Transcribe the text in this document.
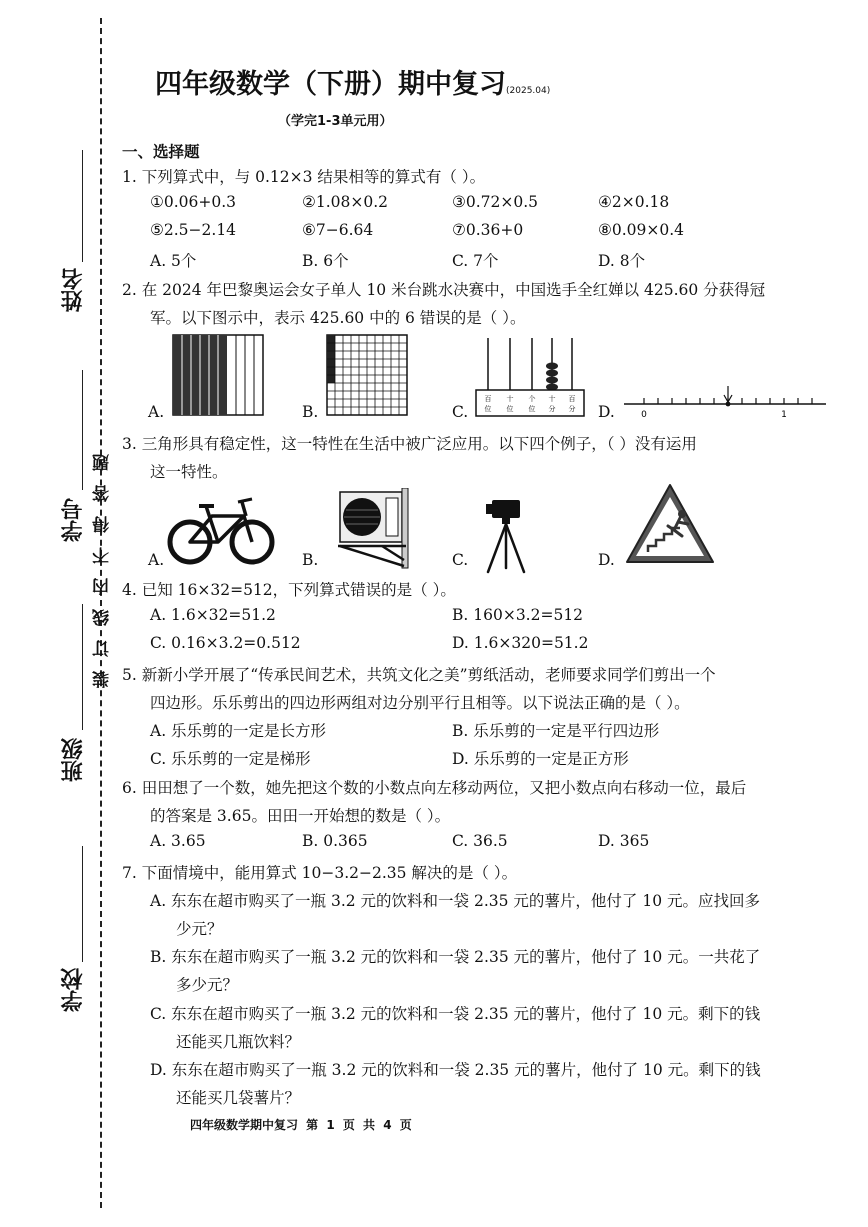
姓名
学号
班级
学校
装订线内不得答题
四年级数学（下册）期中复习(2025.04)
（学完1-3单元用）
一、选择题
1. 下列算式中，与 0.12×3 结果相等的算式有（ ）。
①0.06+0.3	②1.08×0.2	③0.72×0.5	④2×0.18
⑤2.5−2.14	⑥7−6.64	⑦0.36+0	⑧0.09×0.4
A. 5个	B. 6个	C. 7个	D. 8个
2. 在 2024 年巴黎奥运会女子单人 10 米台跳水决赛中，中国选手全红婵以 425.60 分获得冠
军。以下图示中，表示 425.60 中的 6 错误的是（ ）。
A.	B.	C.
百 十 个 十 百
位 位 位 分 分 D.	0	1
3. 三角形具有稳定性，这一特性在生活中被广泛应用。以下四个例子，（ ）没有运用
这一特性。
A.	B.	C.	D.
4. 已知 16×32=512，下列算式错误的是（ ）。
A. 1.6×32=51.2	B. 160×3.2=512
C. 0.16×3.2=0.512	D. 1.6×320=51.2
5. 新新小学开展了“传承民间艺术，共筑文化之美”剪纸活动，老师要求同学们剪出一个
四边形。乐乐剪出的四边形两组对边分别平行且相等。以下说法正确的是（ ）。
A. 乐乐剪的一定是长方形	B. 乐乐剪的一定是平行四边形
C. 乐乐剪的一定是梯形	D. 乐乐剪的一定是正方形
6. 田田想了一个数，她先把这个数的小数点向左移动两位，又把小数点向右移动一位，最后
的答案是 3.65。田田一开始想的数是（ ）。
A. 3.65	B. 0.365	C. 36.5	D. 365
7. 下面情境中，能用算式 10−3.2−2.35 解决的是（ ）。
A. 东东在超市购买了一瓶 3.2 元的饮料和一袋 2.35 元的薯片，他付了 10 元。应找回多
少元？
B. 东东在超市购买了一瓶 3.2 元的饮料和一袋 2.35 元的薯片，他付了 10 元。一共花了
多少元？
C. 东东在超市购买了一瓶 3.2 元的饮料和一袋 2.35 元的薯片，他付了 10 元。剩下的钱
还能买几瓶饮料？
D. 东东在超市购买了一瓶 3.2 元的饮料和一袋 2.35 元的薯片，他付了 10 元。剩下的钱
还能买几袋薯片？
四年级数学期中复习 第 1 页 共 4 页
